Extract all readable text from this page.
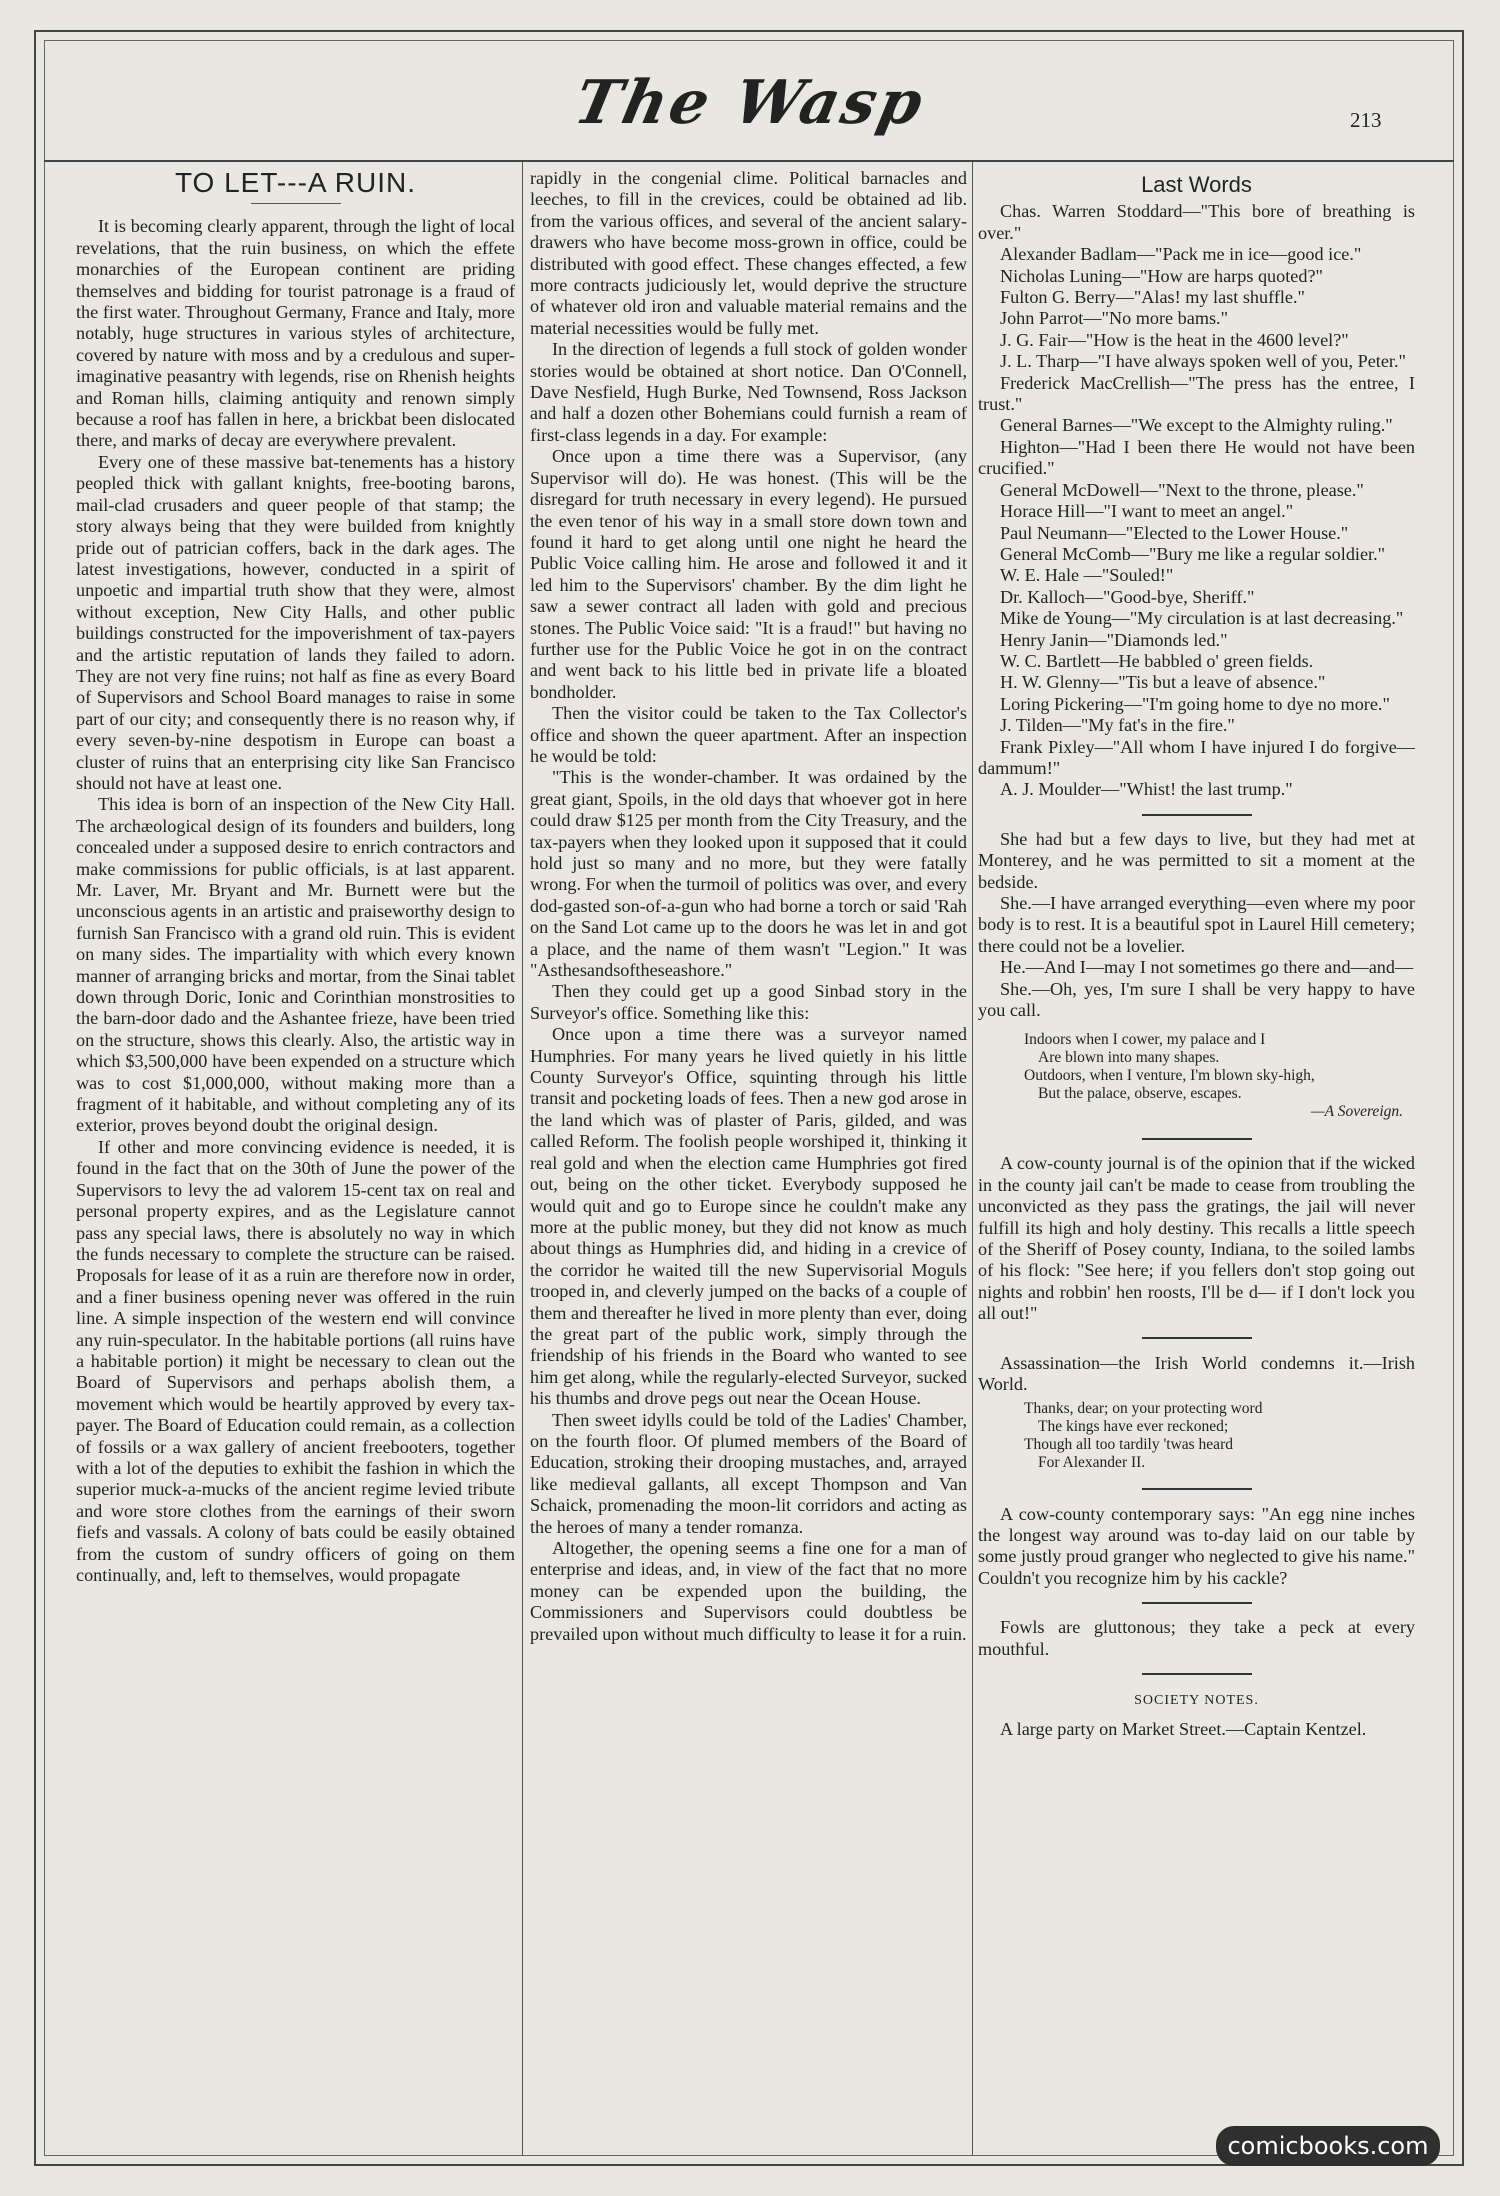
The Wasp	213
TO LET---A RUIN.

It is becoming clearly apparent, through the light of local revelations, that the ruin business, on which the effete monarchies of the European continent are priding themselves and bidding for tourist patronage is a fraud of the first water. Throughout Germany, France and Italy, more notably, huge structures in various styles of architecture, covered by nature with moss and by a credulous and super-imaginative peasantry with legends, rise on Rhenish heights and Roman hills, claiming antiquity and renown simply because a roof has fallen in here, a brickbat been dislocated there, and marks of decay are everywhere prevalent.

Every one of these massive bat-tenements has a history peopled thick with gallant knights, free-booting barons, mail-clad crusaders and queer people of that stamp; the story always being that they were builded from knightly pride out of patrician coffers, back in the dark ages. The latest investigations, however, conducted in a spirit of unpoetic and impartial truth show that they were, almost without exception, New City Halls, and other public buildings constructed for the impoverishment of tax-payers and the artistic reputation of lands they failed to adorn. They are not very fine ruins; not half as fine as every Board of Supervisors and School Board manages to raise in some part of our city; and consequently there is no reason why, if every seven-by-nine despotism in Europe can boast a cluster of ruins that an enterprising city like San Francisco should not have at least one.

This idea is born of an inspection of the New City Hall. The archæological design of its founders and builders, long concealed under a supposed desire to enrich contractors and make commissions for public officials, is at last apparent. Mr. Laver, Mr. Bryant and Mr. Burnett were but the unconscious agents in an artistic and praiseworthy design to furnish San Francisco with a grand old ruin. This is evident on many sides. The impartiality with which every known manner of arranging bricks and mortar, from the Sinai tablet down through Doric, Ionic and Corinthian monstrosities to the barn-door dado and the Ashantee frieze, have been tried on the structure, shows this clearly. Also, the artistic way in which $3,500,000 have been expended on a structure which was to cost $1,000,000, without making more than a fragment of it habitable, and without completing any of its exterior, proves beyond doubt the original design.

If other and more convincing evidence is needed, it is found in the fact that on the 30th of June the power of the Supervisors to levy the ad valorem 15-cent tax on real and personal property expires, and as the Legislature cannot pass any special laws, there is absolutely no way in which the funds necessary to complete the structure can be raised. Proposals for lease of it as a ruin are therefore now in order, and a finer business opening never was offered in the ruin line. A simple inspection of the western end will convince any ruin-speculator. In the habitable portions (all ruins have a habitable portion) it might be necessary to clean out the Board of Supervisors and perhaps abolish them, a movement which would be heartily approved by every tax-payer. The Board of Education could remain, as a collection of fossils or a wax gallery of ancient freebooters, together with a lot of the deputies to exhibit the fashion in which the superior muck-a-mucks of the ancient regime levied tribute and wore store clothes from the earnings of their sworn fiefs and vassals. A colony of bats could be easily obtained from the custom of sundry officers of going on them continually, and, left to themselves, would propagate

rapidly in the congenial clime. Political barnacles and leeches, to fill in the crevices, could be obtained ad lib. from the various offices, and several of the ancient salary-drawers who have become moss-grown in office, could be distributed with good effect. These changes effected, a few more contracts judiciously let, would deprive the structure of whatever old iron and valuable material remains and the material necessities would be fully met.

In the direction of legends a full stock of golden wonder stories would be obtained at short notice. Dan O'Connell, Dave Nesfield, Hugh Burke, Ned Townsend, Ross Jackson and half a dozen other Bohemians could furnish a ream of first-class legends in a day. For example:

Once upon a time there was a Supervisor, (any Supervisor will do). He was honest. (This will be the disregard for truth necessary in every legend). He pursued the even tenor of his way in a small store down town and found it hard to get along until one night he heard the Public Voice calling him. He arose and followed it and it led him to the Supervisors' chamber. By the dim light he saw a sewer contract all laden with gold and precious stones. The Public Voice said: "It is a fraud!" but having no further use for the Public Voice he got in on the contract and went back to his little bed in private life a bloated bondholder.

Then the visitor could be taken to the Tax Collector's office and shown the queer apartment. After an inspection he would be told:

"This is the wonder-chamber. It was ordained by the great giant, Spoils, in the old days that whoever got in here could draw $125 per month from the City Treasury, and the tax-payers when they looked upon it supposed that it could hold just so many and no more, but they were fatally wrong. For when the turmoil of politics was over, and every dod-gasted son-of-a-gun who had borne a torch or said 'Rah on the Sand Lot came up to the doors he was let in and got a place, and the name of them wasn't "Legion." It was "Asthesandsoftheseashore."

Then they could get up a good Sinbad story in the Surveyor's office. Something like this:

Once upon a time there was a surveyor named Humphries. For many years he lived quietly in his little County Surveyor's Office, squinting through his little transit and pocketing loads of fees. Then a new god arose in the land which was of plaster of Paris, gilded, and was called Reform. The foolish people worshiped it, thinking it real gold and when the election came Humphries got fired out, being on the other ticket. Everybody supposed he would quit and go to Europe since he couldn't make any more at the public money, but they did not know as much about things as Humphries did, and hiding in a crevice of the corridor he waited till the new Supervisorial Moguls trooped in, and cleverly jumped on the backs of a couple of them and thereafter he lived in more plenty than ever, doing the great part of the public work, simply through the friendship of his friends in the Board who wanted to see him get along, while the regularly-elected Surveyor, sucked his thumbs and drove pegs out near the Ocean House.

Then sweet idylls could be told of the Ladies' Chamber, on the fourth floor. Of plumed members of the Board of Education, stroking their drooping mustaches, and, arrayed like medieval gallants, all except Thompson and Van Schaick, promenading the moon-lit corridors and acting as the heroes of many a tender romanza.

Altogether, the opening seems a fine one for a man of enterprise and ideas, and, in view of the fact that no more money can be expended upon the building, the Commissioners and Supervisors could doubtless be prevailed upon without much difficulty to lease it for a ruin.

Last Words

Chas. Warren Stoddard—"This bore of breathing is over."

Alexander Badlam—"Pack me in ice—good ice."

Nicholas Luning—"How are harps quoted?"

Fulton G. Berry—"Alas! my last shuffle."

John Parrot—"No more bams."

J. G. Fair—"How is the heat in the 4600 level?"

J. L. Tharp—"I have always spoken well of you, Peter."

Frederick MacCrellish—"The press has the entree, I trust."

General Barnes—"We except to the Almighty ruling."

Highton—"Had I been there He would not have been crucified."

General McDowell—"Next to the throne, please."

Horace Hill—"I want to meet an angel."

Paul Neumann—"Elected to the Lower House."

General McComb—"Bury me like a regular soldier."

W. E. Hale —"Souled!"

Dr. Kalloch—"Good-bye, Sheriff."

Mike de Young—"My circulation is at last decreasing."

Henry Janin—"Diamonds led."

W. C. Bartlett—He babbled o' green fields.

H. W. Glenny—"Tis but a leave of absence."

Loring Pickering—"I'm going home to dye no more."

J. Tilden—"My fat's in the fire."

Frank Pixley—"All whom I have injured I do forgive—dammum!"

A. J. Moulder—"Whist! the last trump."

She had but a few days to live, but they had met at Monterey, and he was permitted to sit a moment at the bedside.

She.—I have arranged everything—even where my poor body is to rest. It is a beautiful spot in Laurel Hill cemetery; there could not be a lovelier.

He.—And I—may I not sometimes go there and—and—

She.—Oh, yes, I'm sure I shall be very happy to have you call.

Indoors when I cower, my palace and I
Are blown into many shapes.
Outdoors, when I venture, I'm blown sky-high,
But the palace, observe, escapes.
—A Sovereign.

A cow-county journal is of the opinion that if the wicked in the county jail can't be made to cease from troubling the unconvicted as they pass the gratings, the jail will never fulfill its high and holy destiny. This recalls a little speech of the Sheriff of Posey county, Indiana, to the soiled lambs of his flock: "See here; if you fellers don't stop going out nights and robbin' hen roosts, I'll be d— if I don't lock you all out!"

Assassination—the Irish World condemns it.—Irish World.

Thanks, dear; on your protecting word
The kings have ever reckoned;
Though all too tardily 'twas heard
For Alexander II.

A cow-county contemporary says: "An egg nine inches the longest way around was to-day laid on our table by some justly proud granger who neglected to give his name." Couldn't you recognize him by his cackle?

Fowls are gluttonous; they take a peck at every mouthful.

SOCIETY NOTES.

A large party on Market Street.—Captain Kentzel.

comicbooks.com
